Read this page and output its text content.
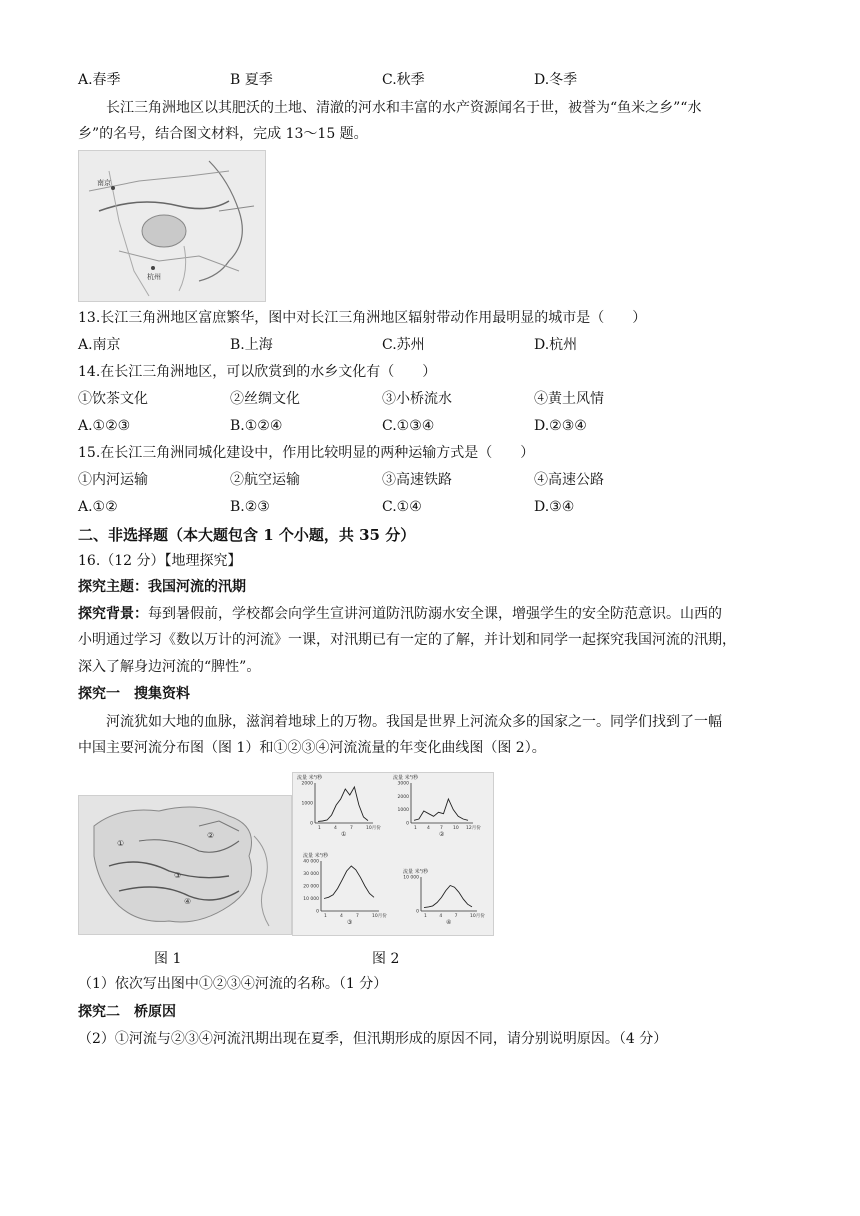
A.春季	B 夏季	C.秋季	D.冬季
长江三角洲地区以其肥沃的土地、清澈的河水和丰富的水产资源闻名于世，被誉为“鱼米之乡”“水
乡”的名号，结合图文材料，完成 13～15 题。
南京
杭州
13.长江三角洲地区富庶繁华，图中对长江三角洲地区辐射带动作用最明显的城市是（　　）
A.南京	B.上海	C.苏州	D.杭州
14.在长江三角洲地区，可以欣赏到的水乡文化有（　　）
①饮茶文化	②丝绸文化	③小桥流水	④黄土风情
A.①②③	B.①②④	C.①③④	D.②③④
15.在长江三角洲同城化建设中，作用比较明显的两种运输方式是（　　）
①内河运输	②航空运输	③高速铁路	④高速公路
A.①②	B.②③	C.①④	D.③④
二、非选择题（本大题包含 1 个小题，共 35 分）
16.（12 分）【地理探究】
探究主题：我国河流的汛期
探究背景：每到暑假前，学校都会向学生宣讲河道防汛防溺水安全课，增强学生的安全防范意识。山西的
小明通过学习《数以万计的河流》一课，对汛期已有一定的了解，并计划和同学一起探究我国河流的汛期，
深入了解身边河流的“脾性”。
探究一　搜集资料
河流犹如大地的血脉，滋润着地球上的万物。我国是世界上河流众多的国家之一。同学们找到了一幅
中国主要河流分布图（图 1）和①②③④河流流量的年变化曲线图（图 2）。
①
②
③
④
流量 米³/秒
2000
1000
0
1	4	7	10月份
①
流量 米³/秒
3000
2000
1000
0
1 4 7 10 12月份
②
流量 米³/秒
40 000
30 000
20 000
10 000
0
1	4	7	10月份
③
流量 米³/秒
10 000
0
1	4	7	10月份
④
图 1	图 2
（1）依次写出图中①②③④河流的名称。（1 分）
探究二　桥原因
（2）①河流与②③④河流汛期出现在夏季，但汛期形成的原因不同，请分别说明原因。（4 分）
